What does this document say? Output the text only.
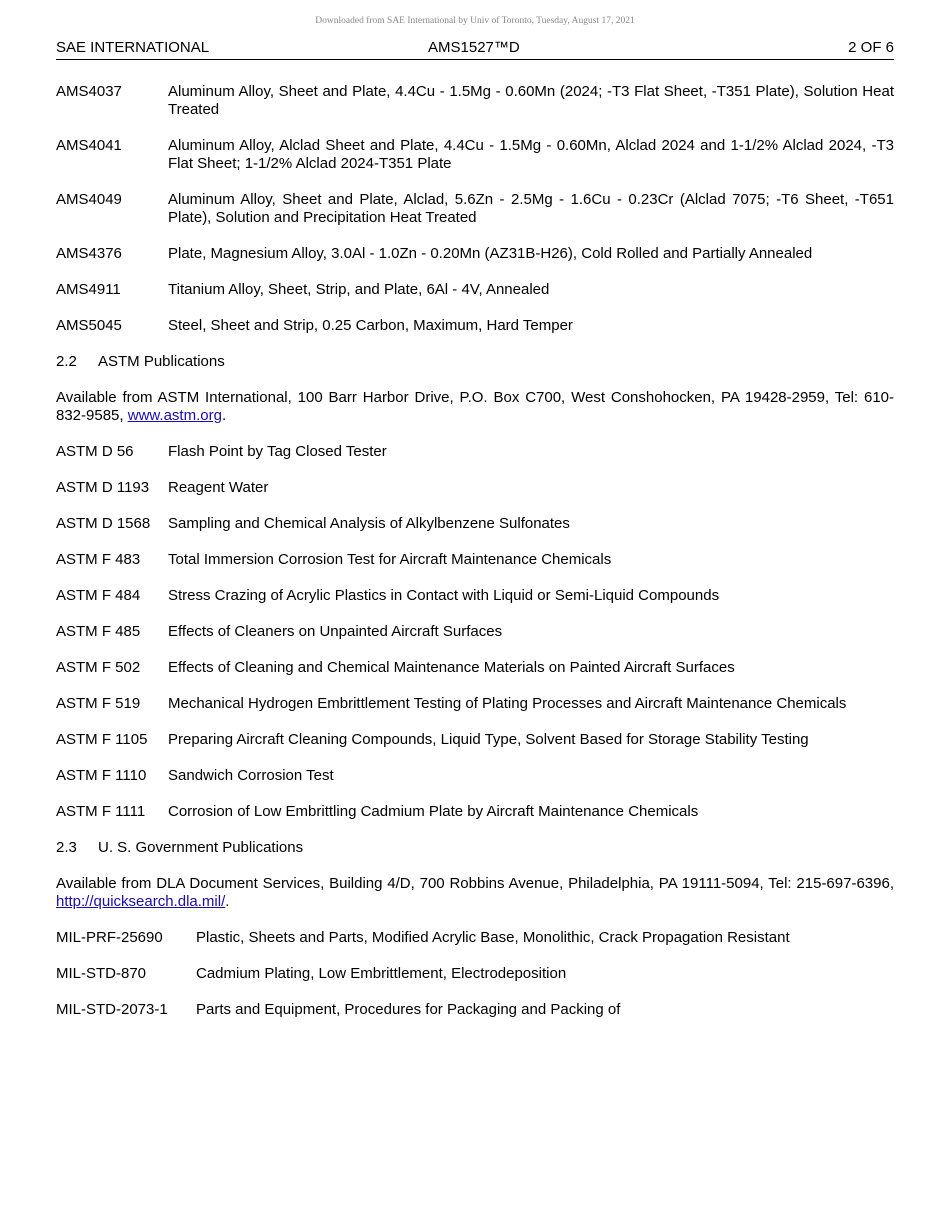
Downloaded from SAE International by Univ of Toronto, Tuesday, August 17, 2021
SAE INTERNATIONAL	AMS1527™D	2 OF 6
AMS4037	Aluminum Alloy, Sheet and Plate, 4.4Cu - 1.5Mg - 0.60Mn (2024; -T3 Flat Sheet, -T351 Plate), Solution Heat Treated
AMS4041	Aluminum Alloy, Alclad Sheet and Plate, 4.4Cu - 1.5Mg - 0.60Mn, Alclad 2024 and 1-1/2% Alclad 2024, -T3 Flat Sheet; 1-1/2% Alclad 2024-T351 Plate
AMS4049	Aluminum Alloy, Sheet and Plate, Alclad, 5.6Zn - 2.5Mg - 1.6Cu - 0.23Cr (Alclad 7075; -T6 Sheet, -T651 Plate), Solution and Precipitation Heat Treated
AMS4376	Plate, Magnesium Alloy, 3.0Al - 1.0Zn - 0.20Mn (AZ31B-H26), Cold Rolled and Partially Annealed
AMS4911	Titanium Alloy, Sheet, Strip, and Plate, 6Al - 4V, Annealed
AMS5045	Steel, Sheet and Strip, 0.25 Carbon, Maximum, Hard Temper
2.2 ASTM Publications
Available from ASTM International, 100 Barr Harbor Drive, P.O. Box C700, West Conshohocken, PA 19428-2959, Tel: 610-832-9585, www.astm.org.
ASTM D 56	Flash Point by Tag Closed Tester
ASTM D 1193	Reagent Water
ASTM D 1568	Sampling and Chemical Analysis of Alkylbenzene Sulfonates
ASTM F 483	Total Immersion Corrosion Test for Aircraft Maintenance Chemicals
ASTM F 484	Stress Crazing of Acrylic Plastics in Contact with Liquid or Semi-Liquid Compounds
ASTM F 485	Effects of Cleaners on Unpainted Aircraft Surfaces
ASTM F 502	Effects of Cleaning and Chemical Maintenance Materials on Painted Aircraft Surfaces
ASTM F 519	Mechanical Hydrogen Embrittlement Testing of Plating Processes and Aircraft Maintenance Chemicals
ASTM F 1105	Preparing Aircraft Cleaning Compounds, Liquid Type, Solvent Based for Storage Stability Testing
ASTM F 1110	Sandwich Corrosion Test
ASTM F 1111	Corrosion of Low Embrittling Cadmium Plate by Aircraft Maintenance Chemicals
2.3 U. S. Government Publications
Available from DLA Document Services, Building 4/D, 700 Robbins Avenue, Philadelphia, PA 19111-5094, Tel: 215-697-6396, http://quicksearch.dla.mil/.
MIL-PRF-25690	Plastic, Sheets and Parts, Modified Acrylic Base, Monolithic, Crack Propagation Resistant
MIL-STD-870	Cadmium Plating, Low Embrittlement, Electrodeposition
MIL-STD-2073-1	Parts and Equipment, Procedures for Packaging and Packing of
